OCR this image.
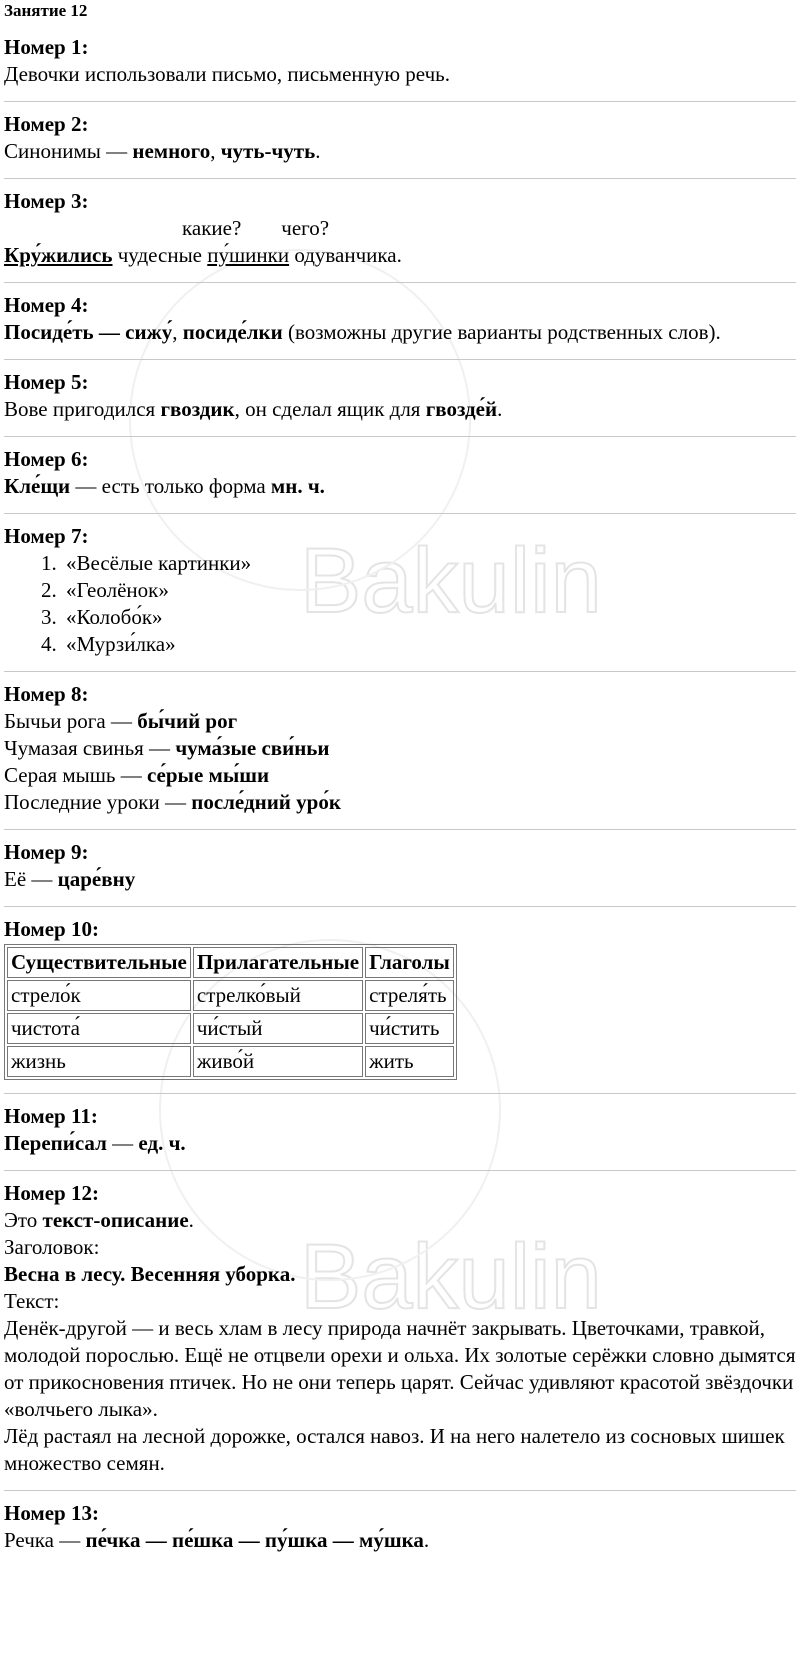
Bakulin
Bakulin
Занятие 12
Номер 1:

Девочки использовали письмо, письменную речь.

Номер 2:

Синонимы — немного, чуть-чуть.

Номер 3:

какие? чего?

Кру́жились чудесные пу́шинки одуванчика.

Номер 4:

Посиде́ть — сижу́, посиде́лки (возможны другие варианты родственных слов).

Номер 5:

Вове пригодился гвоздик, он сделал ящик для гвозде́й.

Номер 6:

Кле́щи — есть только форма мн. ч.

Номер 7:
1. «Весёлые картинки»
2. «Геолёнок»
3. «Колобо́к»
4. «Мурзи́лка»
Номер 8:

Бычьи рога — бы́чий рог

Чумазая свинья — чума́зые сви́ньи

Серая мышь — се́рые мы́ши

Последние уроки — после́дний уро́к

Номер 9:

Её — царе́вну

Номер 10:
Существительные	Прилагательные	Глаголы
стрело́к	стрелко́вый	стреля́ть
чистота́	чи́стый	чи́стить
жизнь	живо́й	жить
Номер 11:

Перепи́сал — ед. ч.

Номер 12:

Это текст-описание.

Заголовок:

Весна в лесу. Весенняя уборка.

Текст:

Денёк-другой — и весь хлам в лесу природа начнёт закрывать. Цветочками, травкой, молодой порослью. Ещё не отцвели орехи и ольха. Их золотые серёжки словно дымятся от прикосновения птичек. Но не они теперь царят. Сейчас удивляют красотой звёздочки «волчьего лыка».

Лёд растаял на лесной дорожке, остался навоз. И на него налетело из сосновых шишек множество семян.

Номер 13:

Речка — пе́чка — пе́шка — пу́шка — му́шка.
